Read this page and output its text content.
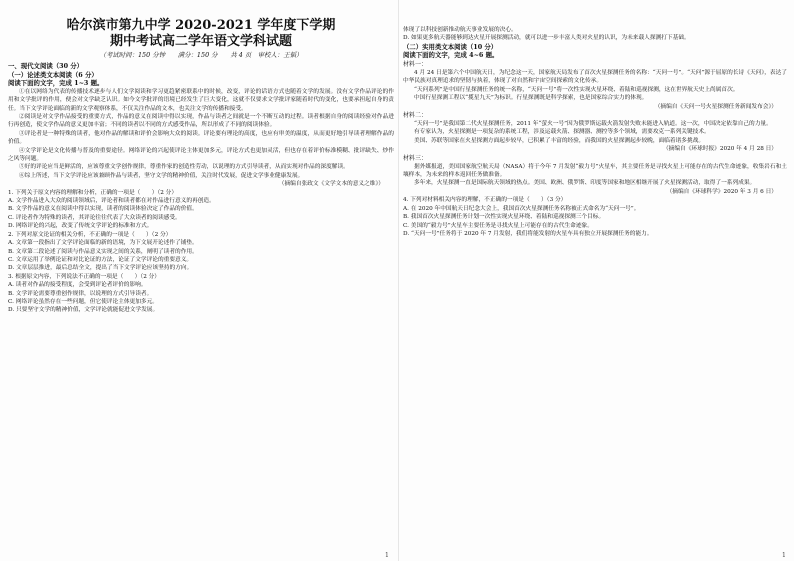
哈尔滨市第九中学 2020-2021 学年度下学期
期中考试高二学年语文学科试题
（考试时间：150 分钟　　满分：150 分　　共 4 页　审校人：王韬）
一、现代文阅读（30 分）
（一）论述类文本阅读（6 分）
阅读下面的文字，完成 1~3 题。

①在以网络为代表的传播技术逐步与人们文学阅读和学习更趋紧密联系中的时候，改变，评论的话语方式也随着文学的发展。没有文学作品评论的作用和文学批评的作用，便会对文学缺乏认识。如今文学批评的语境已经发生了巨大变化，这就不仅要求文学批评家随着时代的变化，也要承担起自身的责任。当下文学评论面临的新的文学观察体系，不仅关注作品的文本，也关注文学的传播和接受。

②阅读是对文学作品接受的重要方式，作品的意义在阅读中得以实现，作品与读者之间就是一个不断互动的过程。读者根据自身的阅读经验对作品进行再创造，使文学作品的意义更加丰富；不同的读者以不同的方式感受作品，所以形成了不同的阅读体验。

③评论者是一种特殊的读者，他对作品的解读和评价会影响大众的阅读。评论要有理论的高度，也应有审美的温度，从而更好地引导读者理解作品的价值。

④文学评论是文化传播与普及的重要途径。网络评论的兴起使评论主体更加多元，评论方式也更加灵活，但也存在着评价标准模糊、批评缺失、炒作之风等问题。

⑤好的评论应当是鲜活的，应该尊重文学创作规律，尊重作家的创造性劳动，以说理的方式引导读者，从而实现对作品的深度解读。

⑥综上所述，当下文学评论应该兼顾作品与读者，坚守文学的精神价值，关注时代发展，促进文学事业健康发展。

（摘编自张政文《文学文本的意义之维》）

1. 下列关于原文内容的理解和分析，正确的一项是（　　）（2 分）

A. 文学作品进入大众的阅读领域后，评论者和读者都在对作品进行意义的再创造。

B. 文学作品的意义在阅读中得以实现，读者的阅读体验决定了作品的价值。

C. 评论者作为特殊的读者，其评论往往代表了大众读者的阅读感受。

D. 网络评论的兴起，改变了传统文学评论的标准和方式。

2. 下列对原文论证的相关分析，不正确的一项是（　　）（2 分）

A. 文章第一段指出了文学评论面临的新的语境，为下文展开论述作了铺垫。

B. 文章第二段论述了阅读与作品意义实现之间的关系，阐明了读者的作用。

C. 文章运用了举例论证和对比论证的方法，论证了文学评论的重要意义。

D. 文章层层推进，最后总结全文，提出了当下文学评论应该坚持的方向。

3. 根据原文内容，下列说法不正确的一项是（　　）（2 分）

A. 读者对作品的接受程度，会受到评论者评价的影响。

B. 文学评论需要尊重创作规律，以说理的方式引导读者。

C. 网络评论虽然存在一些问题，但它使评论主体更加多元。

D. 只要坚守文学的精神价值，文学评论就能促进文学发展。

体现了以科技创新推动航天事业发展的决心。

D. 如果更多航天器能够到达火星开展探测活动，就可以进一步丰富人类对火星的认识，为未来载人探测打下基础。

（二）实用类文本阅读（10 分）
阅读下面的文字，完成 4~6 题。

材料一：

4 月 24 日是第六个中国航天日，为纪念这一天，国家航天局发布了首次火星探测任务的名称：“天问一号”。“天问”源于屈原的长诗《天问》，表达了中华民族对真理追求的坚韧与执着，体现了对自然和宇宙空间探索的文化传承。

“天问系列”是中国行星探测任务的统一名称，“天问一号”将一次性实现火星环绕、着陆和巡视探测，这在世界航天史上尚属首次。

中国行星探测工程以“揽星九天”为标识。行星探测既是科学探索，也是国家综合实力的体现。

（摘编自《天问一号火星探测任务新闻发布会》）

材料二：

“天问一号”是我国第二代火星探测任务，2011 年“萤火一号”因为俄罗斯运载火箭发射失败未能进入轨道。这一次，中国决定依靠自己的力量。

有专家认为，火星探测是一项复杂的系统工程，涉及运载火箭、探测器、测控等多个领域，需要攻克一系列关键技术。

美国、苏联等国家在火星探测方面起步较早，已积累了丰富的经验，而我国的火星探测起步较晚，面临着诸多挑战。

（摘编自《环球时报》2020 年 4 月 28 日）

材料三：

据外媒报道，美国国家航空航天局（NASA）将于今年 7 月发射“毅力号”火星车，其主要任务是寻找火星上可能存在的古代生命迹象，收集岩石和土壤样本，为未来的样本返回任务做准备。

多年来，火星探测一直是国际航天领域的热点。美国、欧洲、俄罗斯、印度等国家和地区相继开展了火星探测活动，取得了一系列成果。

（摘编自《环球科学》2020 年 3 月 6 日）

4. 下列对材料相关内容的理解，不正确的一项是（　　）（3 分）

A. 在 2020 年中国航天日纪念大会上，我国首次火星探测任务名称被正式命名为“天问一号”。

B. 我国首次火星探测任务计划一次性实现火星环绕、着陆和巡视探测三个目标。

C. 美国的“毅力号”火星车主要任务是寻找火星上可能存在的古代生命迹象。

D. “天问一号”任务将于 2020 年 7 月发射，我们将能发射的火星车具有独立开展探测任务的能力。

1	1
